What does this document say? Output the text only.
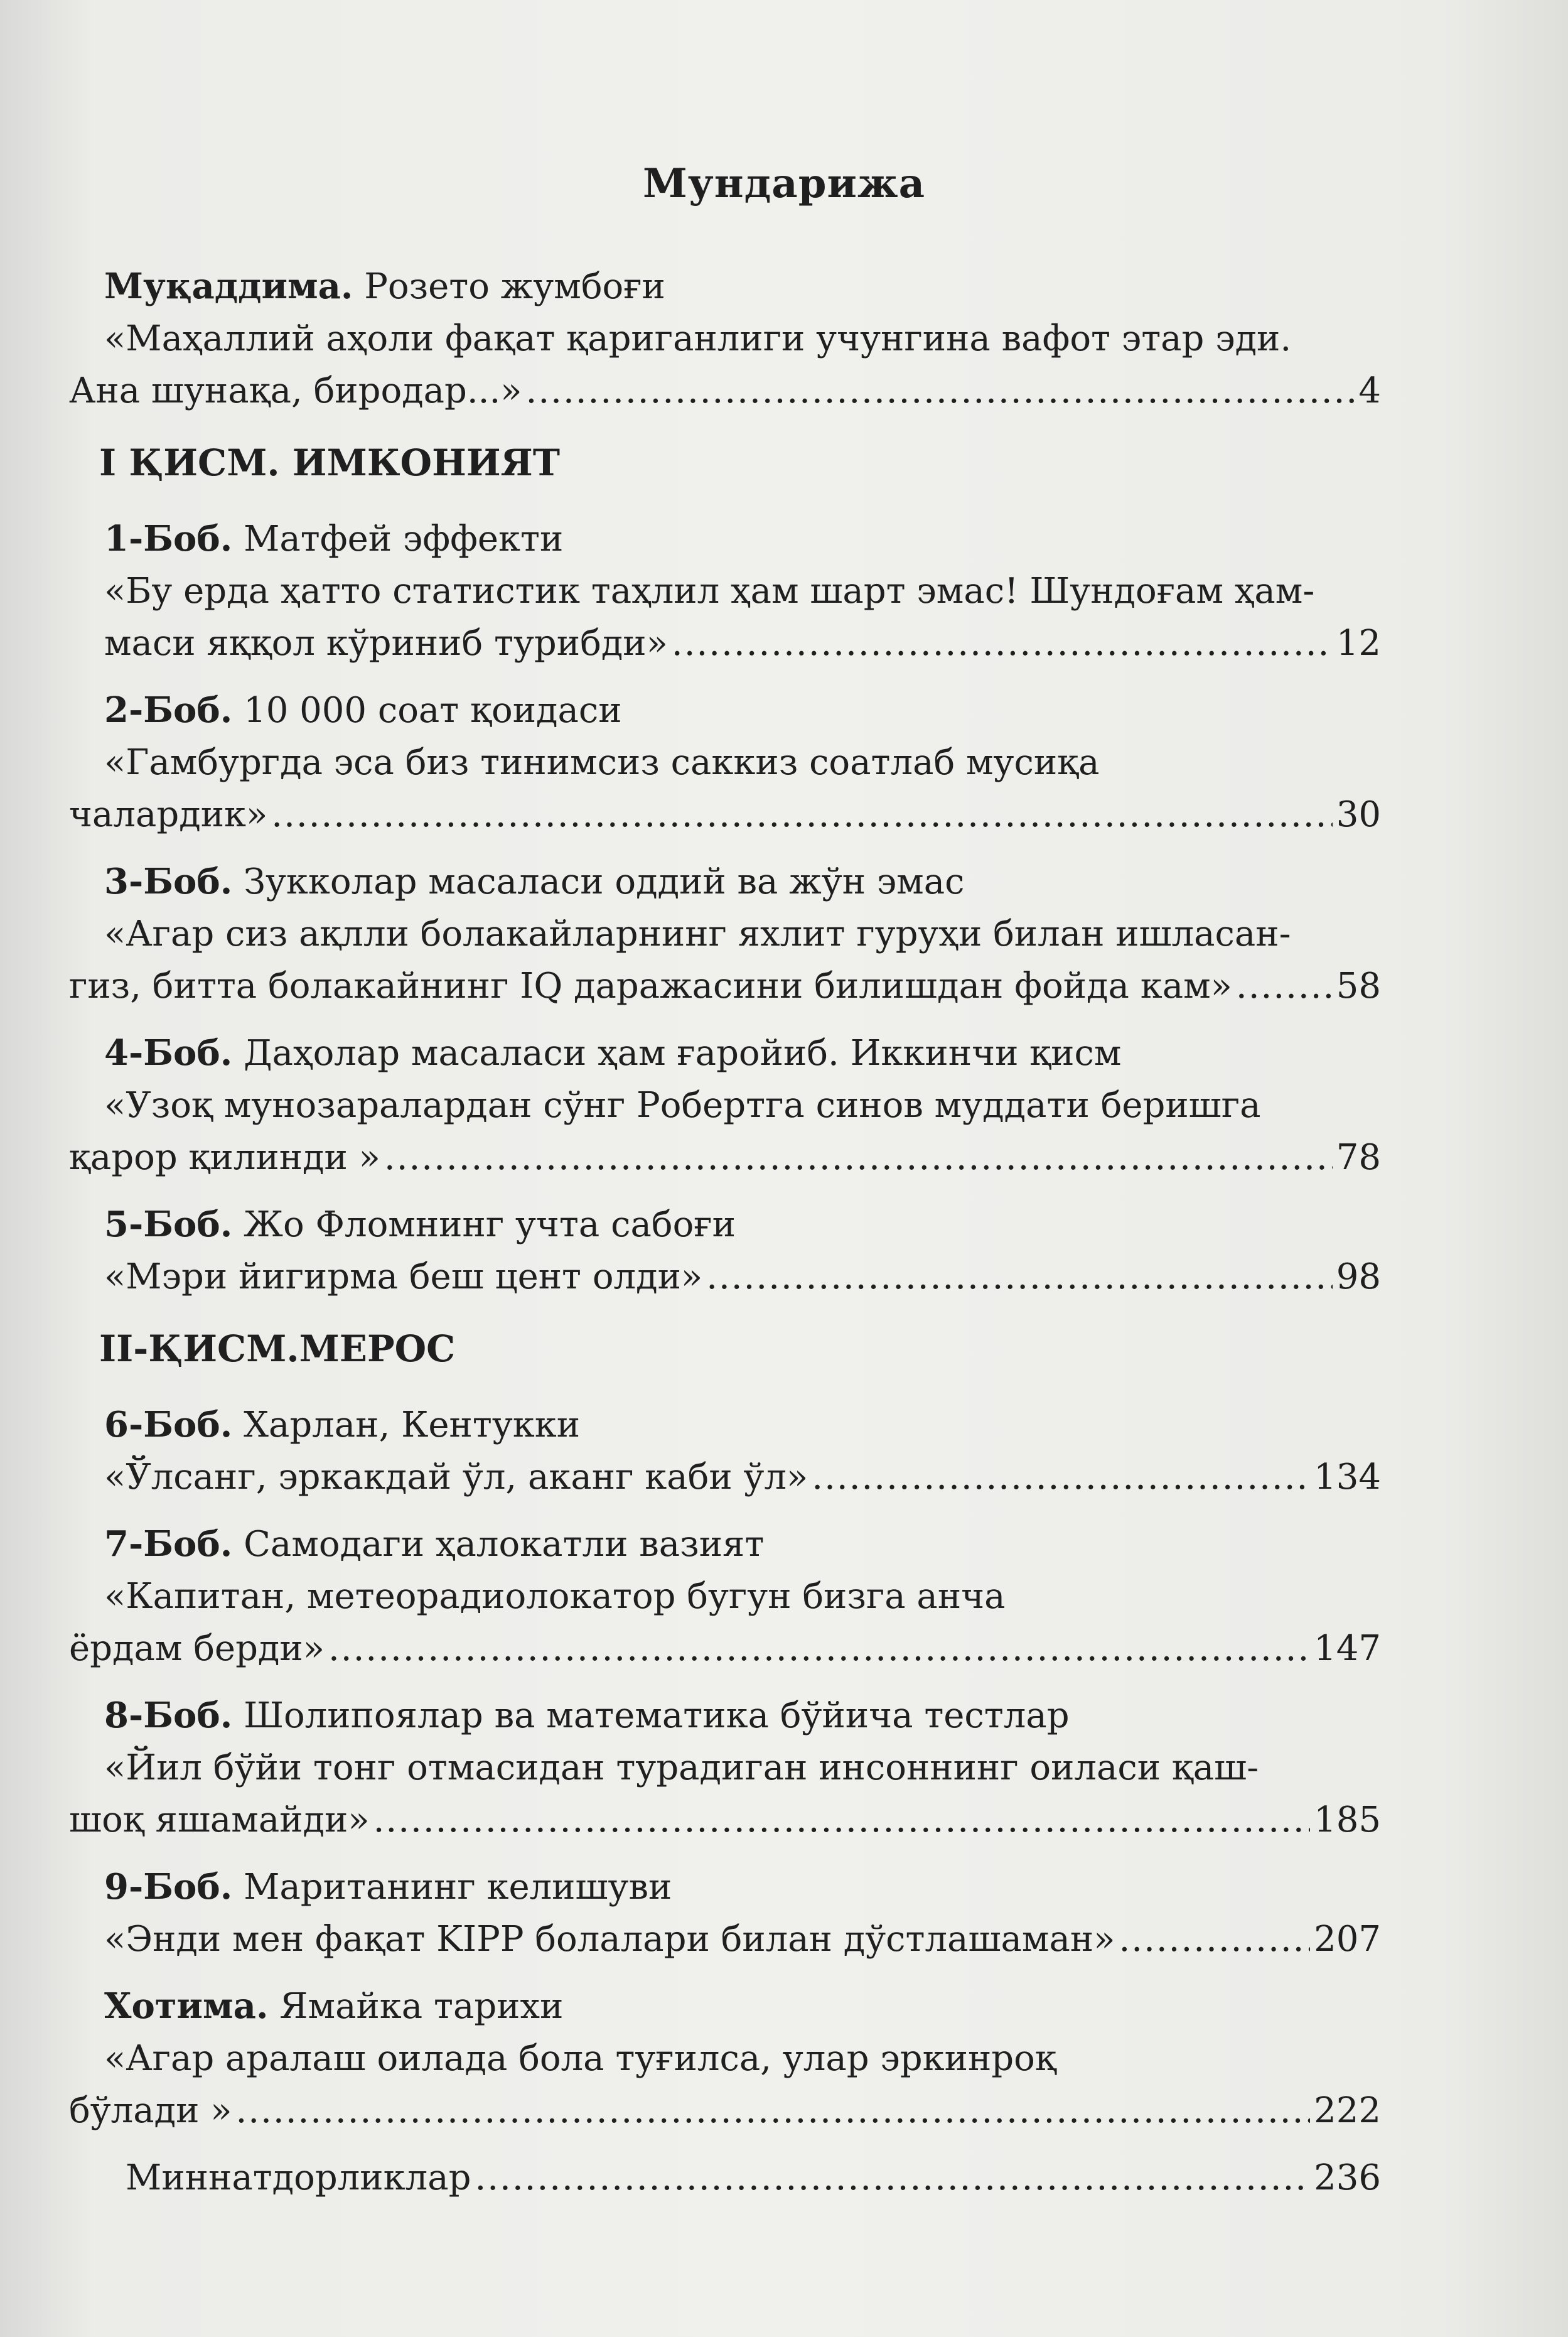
Мундарижа
Муқаддима. Розето жумбоғи
«Маҳаллий аҳоли фақат қариганлиги учунгина вафот этар эди.
Ана шунақа, биродар...» .....	4
I ҚИСМ. ИМКОНИЯТ
1-Боб. Матфей эффекти
«Бу ерда ҳатто статистик таҳлил ҳам шарт эмас! Шундоғам ҳам-
маси яққол кўриниб турибди» .....	12
2-Боб. 10 000 соат қоидаси
«Гамбургда эса биз тинимсиз саккиз соатлаб мусиқа
чалардик» .....	30
3-Боб. Зукколар масаласи оддий ва жўн эмас
«Агар сиз ақлли болакайларнинг яхлит гуруҳи билан ишласан-
гиз, битта болакайнинг IQ даражасини билишдан фойда кам» .....	58
4-Боб. Даҳолар масаласи ҳам ғаройиб. Иккинчи қисм
«Узоқ мунозаралардан сўнг Робертга синов муддати беришга
қарор қилинди » .....	78
5-Боб. Жо Фломнинг учта сабоғи
«Мэри йигирма беш цент олди» .....	98
II-ҚИСМ.МЕРОС
6-Боб. Харлан, Кентукки
«Ўлсанг, эркакдай ўл, аканг каби ўл» .....	134
7-Боб. Самодаги ҳалокатли вазият
«Капитан, метеорадиолокатор бугун бизга анча
ёрдам берди» .....	147
8-Боб. Шолипоялар ва математика бўйича тестлар
«Йил бўйи тонг отмасидан турадиган инсоннинг оиласи қаш-
шоқ яшамайди» .....	185
9-Боб. Маританинг келишуви
«Энди мен фақат KIPP болалари билан дўстлашаман» .....	207
Хотима. Ямайка тарихи
«Агар аралаш оилада бола туғилса, улар эркинроқ
бўлади » .....	222
Миннатдорликлар .....	236
